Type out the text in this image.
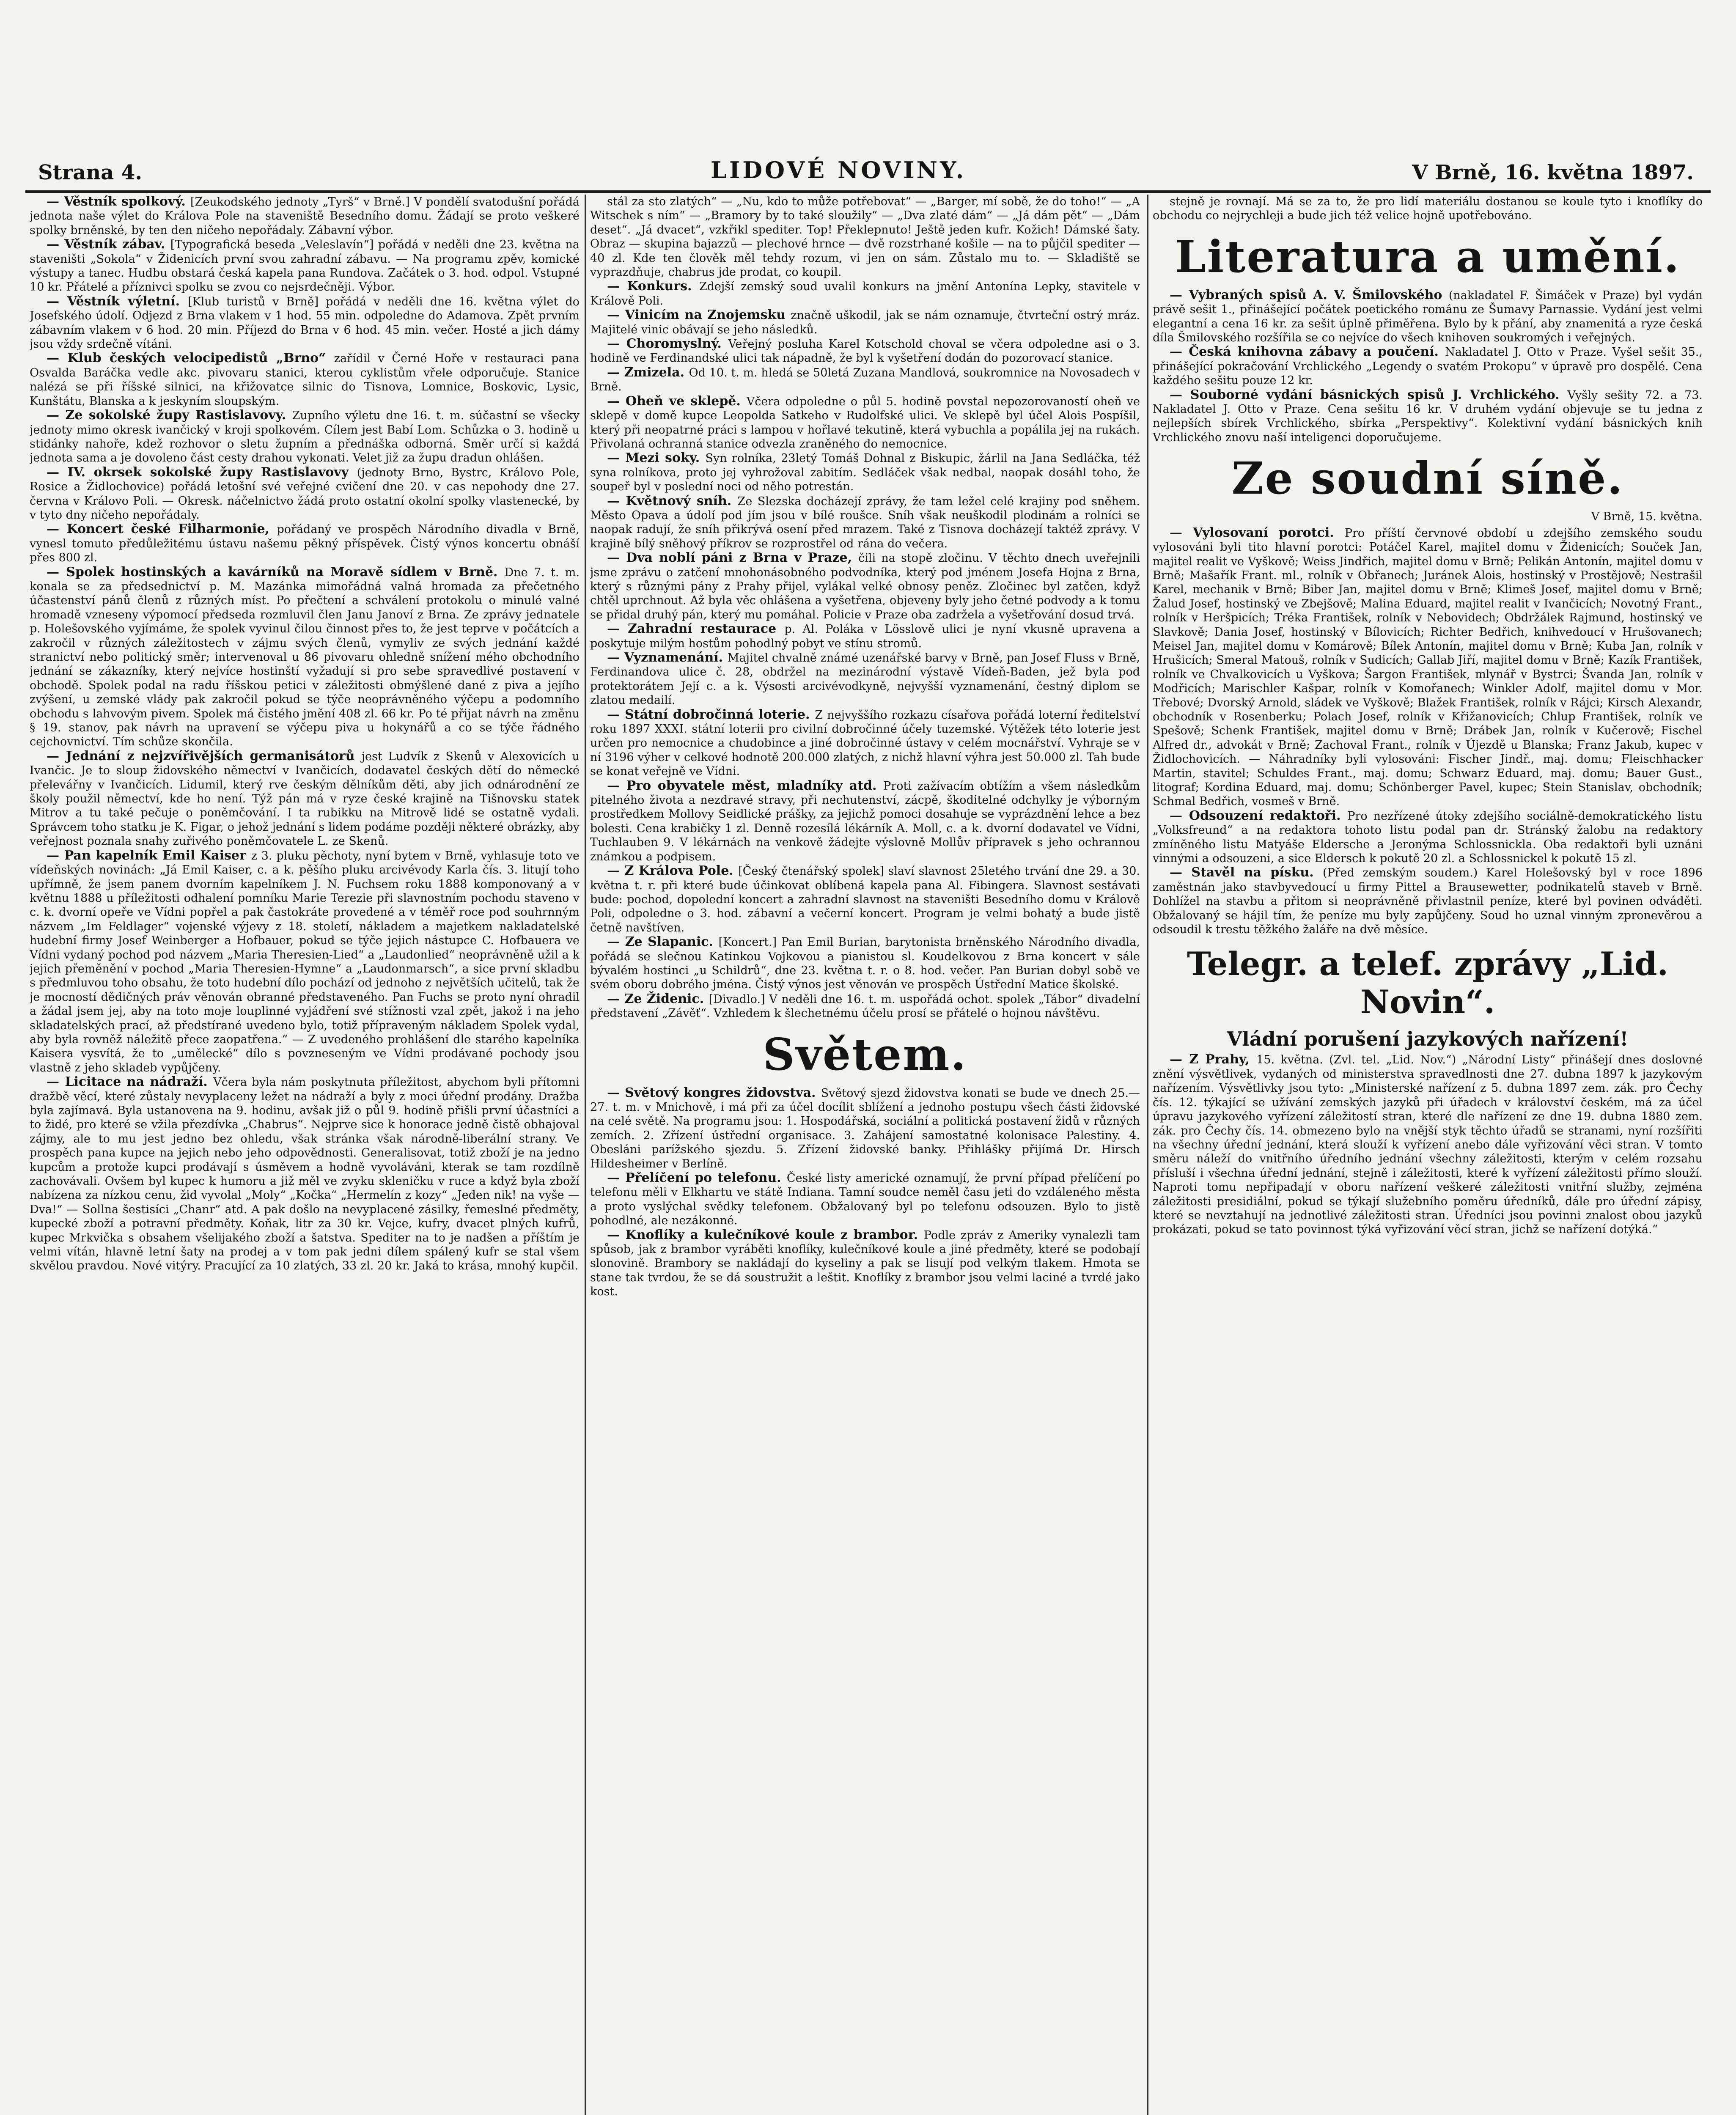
Strana 4.	LIDOVÉ NOVINY.	V Brně, 16. května 1897.

— Věstník spolkový. [Zeukodského jednoty „Tyrš“ v Brně.] V pondělí svatodušní pořádá jednota naše výlet do Králova Pole na staveniště Besedního domu. Žádají se proto veškeré spolky brněnské, by ten den ničeho nepořádaly. Zábavní výbor.

— Věstník zábav. [Typografická beseda „Veleslavín“] pořádá v neděli dne 23. května na staveništi „Sokola“ v Židenicích první svou zahradní zábavu. — Na programu zpěv, komické výstupy a tanec. Hudbu obstará česká kapela pana Rundova. Začátek o 3. hod. odpol. Vstupné 10 kr. Přátelé a příznivci spolku se zvou co nejsrdečněji. Výbor.

— Věstník výletní. [Klub turistů v Brně] pořádá v neděli dne 16. května výlet do Josefského údolí. Odjezd z Brna vlakem v 1 hod. 55 min. odpoledne do Adamova. Zpět prvním zábavním vlakem v 6 hod. 20 min. Příjezd do Brna v 6 hod. 45 min. večer. Hosté a jich dámy jsou vždy srdečně vítáni.

— Klub českých velocipedistů „Brno“ zařídil v Černé Hoře v restauraci pana Osvalda Baráčka vedle akc. pivovaru stanici, kterou cyklistům vřele odporučuje. Stanice nalézá se při říšské silnici, na křižovatce silnic do Tisnova, Lomnice, Boskovic, Lysic, Kunštátu, Blanska a k jeskyním sloupským.

— Ze sokolské župy Rastislavovy. Zupního výletu dne 16. t. m. súčastní se všecky jednoty mimo okresk ivančický v kroji spolkovém. Cílem jest Babí Lom. Schůzka o 3. hodině u stidánky nahoře, kdež rozhovor o sletu župním a přednáška odborná. Směr určí si každá jednota sama a je dovoleno část cesty drahou vykonati. Velet již za župu dradun ohlášen.

— IV. okrsek sokolské župy Rastislavovy (jednoty Brno, Bystrc, Královo Pole, Rosice a Židlochovice) pořádá letošní své veřejné cvičení dne 20. v cas nepohody dne 27. června v Královo Poli. — Okresk. náčelnictvo žádá proto ostatní okolní spolky vlastenecké, by v tyto dny ničeho nepořádaly.

— Koncert české Filharmonie, pořádaný ve prospěch Národního divadla v Brně, vynesl tomuto předůležitému ústavu našemu pěkný příspěvek. Čistý výnos koncertu obnáší přes 800 zl.

— Spolek hostinských a kavárníků na Moravě sídlem v Brně. Dne 7. t. m. konala se za předsednictví p. M. Mazánka mimořádná valná hromada za přečetného účastenství pánů členů z různých míst. Po přečtení a schválení protokolu o minulé valné hromadě vzneseny výpomocí předseda rozmluvil člen Janu Janoví z Brna. Ze zprávy jednatele p. Holešovského vyjímáme, že spolek vyvinul čilou činnost přes to, že jest teprve v počátcích a zakročil v různých záležitostech v zájmu svých členů, vymyliv ze svých jednání každé stranictví nebo politický směr; intervenoval u 86 pivovaru ohledně snížení mého obchodního jednání se zákazníky, který nejvíce hostinští vyžadují si pro sebe spravedlivé postavení v obchodě. Spolek podal na radu říšskou petici v záležitosti obmýšlené dané z piva a jejího zvýšení, u zemské vlády pak zakročil pokud se týče neoprávněného výčepu a podomního obchodu s lahvovým pivem. Spolek má čistého jmění 408 zl. 66 kr. Po té přijat návrh na změnu § 19. stanov, pak návrh na upravení se výčepu piva u hokynářů a co se týče řádného cejchovnictví. Tím schůze skončila.

— Jednání z nejzvířivějších germanisátorů jest Ludvík z Skenů v Alexovicích u Ivančic. Je to sloup židovského němectví v Ivančicích, dodavatel českých dětí do německé přelevářny v Ivančicích. Lidumil, který rve českým dělníkům děti, aby jich odnárodnění ze školy použil němectví, kde ho není. Týž pán má v ryze české krajině na Tišnovsku statek Mitrov a tu také pečuje o poněmčování. I ta rubikku na Mitrově lidé se ostatně vydali. Správcem toho statku je K. Figar, o jehož jednání s lidem podáme později některé obrázky, aby veřejnost poznala snahy zuřivého poněmčovatele L. ze Skenů.

— Pan kapelník Emil Kaiser z 3. pluku pěchoty, nyní bytem v Brně, vyhlasuje toto ve vídeňských novinách: „Já Emil Kaiser, c. a k. pěšího pluku arcivévody Karla čís. 3. litují toho upřímně, že jsem panem dvorním kapelníkem J. N. Fuchsem roku 1888 komponovaný a v květnu 1888 u příležitosti odhalení pomníku Marie Terezie při slavnostním pochodu staveno v c. k. dvorní opeře ve Vídni popřel a pak častokráte provedené a v téměř roce pod souhrnným názvem „Im Feldlager“ vojenské výjevy z 18. století, nákladem a majetkem nakladatelské hudební firmy Josef Weinberger a Hofbauer, pokud se týče jejich nástupce C. Hofbauera ve Vídni vydaný pochod pod názvem „Maria Theresien-Lied“ a „Laudonlied“ neoprávněně užil a k jejich přeměnění v pochod „Maria Theresien-Hymne“ a „Laudonmarsch“, a sice první skladbu s předmluvou toho obsahu, že toto hudební dílo pochází od jednoho z největších učitelů, tak že je mocností dědičných práv věnován obranné představeného. Pan Fuchs se proto nyní ohradil a žádal jsem jej, aby na toto moje louplinné vyjádření své stížnosti vzal zpět, jakož i na jeho skladatelských prací, až předstírané uvedeno bylo, totiž přípraveným nákladem Spolek vydal, aby byla rovněž náležitě přece zaopatřena.“ — Z uvedeného prohlášení dle starého kapelníka Kaisera vysvítá, že to „umělecké“ dílo s povzneseným ve Vídni prodávané pochody jsou vlastně z jeho skladeb vypůjčeny.

— Licitace na nádraží. Včera byla nám poskytnuta příležitost, abychom byli přítomni dražbě věcí, které zůstaly nevyplaceny ležet na nádraží a byly z moci úřední prodány. Dražba byla zajímavá. Byla ustanovena na 9. hodinu, avšak již o půl 9. hodině přišli první účastníci a to židé, pro které se vžila přezdívka „Chabrus“. Nejprve sice k honorace jedně čistě obhajoval zájmy, ale to mu jest jedno bez ohledu, však stránka však národně-liberální strany. Ve prospěch pana kupce na jejich nebo jeho odpovědnosti. Generalisovat, totiž zboží je na jedno kupcům a protože kupci prodávají s úsměvem a hodně vyvoláváni, kterak se tam rozdílně zachovávali. Ovšem byl kupec k humoru a již měl ve zvyku skleničku v ruce a když byla zboží nabízena za nízkou cenu, žid vyvolal „Moly“ „Kočka“ „Hermelín z kozy“ „Jeden nik! na vyše — Dva!“ — Sollna šestisíci „Chanr“ atd. A pak došlo na nevyplacené zásilky, řemeslné předměty, kupecké zboží a potravní předměty. Koňak, litr za 30 kr. Vejce, kufry, dvacet plných kufrů, kupec Mrkvička s obsahem všelijakého zboží a šatstva. Spediter na to je nadšen a příštím je velmi vítán, hlavně letní šaty na prodej a v tom pak jedni dílem spálený kufr se stal všem skvělou pravdou. Nové vitýry. Pracující za 10 zlatých, 33 zl. 20 kr. Jaká to krása, mnohý kupčil.

stál za sto zlatých“ — „Nu, kdo to může potřebovat“ — „Barger, mí sobě, že do toho!“ — „A Witschek s ním“ — „Bramory by to také sloužily“ — „Dva zlaté dám“ — „Já dám pět“ — „Dám deset“. „Já dvacet“, vzkřikl spediter. Top! Překlepnuto! Ještě jeden kufr. Kožich! Dámské šaty. Obraz — skupina bajazzů — plechové hrnce — dvě rozstrhané košile — na to půjčil spediter — 40 zl. Kde ten člověk měl tehdy rozum, vi jen on sám. Zůstalo mu to. — Skladiště se vyprazdňuje, chabrus jde prodat, co koupil.

— Konkurs. Zdejší zemský soud uvalil konkurs na jmění Antonína Lepky, stavitele v Králově Poli.

— Vinicím na Znojemsku značně uškodil, jak se nám oznamuje, čtvrteční ostrý mráz. Majitelé vinic obávají se jeho následků.

— Choromyslný. Veřejný posluha Karel Kotschold choval se včera odpoledne asi o 3. hodině ve Ferdinandské ulici tak nápadně, že byl k vyšetření dodán do pozorovací stanice.

— Zmizela. Od 10. t. m. hledá se 50letá Zuzana Mandlová, soukromnice na Novosadech v Brně.

— Oheň ve sklepě. Včera odpoledne o půl 5. hodině povstal nepozorovaností oheň ve sklepě v domě kupce Leopolda Satkeho v Rudolfské ulici. Ve sklepě byl účel Alois Pospíšil, který při neopatrné práci s lampou v hořlavé tekutině, která vybuchla a popálila jej na rukách. Přivolaná ochranná stanice odvezla zraněného do nemocnice.

— Mezi soky. Syn rolníka, 23letý Tomáš Dohnal z Biskupic, žárlil na Jana Sedláčka, též syna rolníkova, proto jej vyhrožoval zabitím. Sedláček však nedbal, naopak dosáhl toho, že soupeř byl v poslední noci od něho potrestán.

— Květnový sníh. Ze Slezska docházejí zprávy, že tam ležel celé krajiny pod sněhem. Město Opava a údolí pod jím jsou v bílé roušce. Sníh však neuškodil plodinám a rolníci se naopak radují, že sníh přikrývá osení před mrazem. Také z Tisnova docházejí taktéž zprávy. V krajině bílý sněhový příkrov se rozprostřel od rána do večera.

— Dva noblí páni z Brna v Praze, čili na stopě zločinu. V těchto dnech uveřejnili jsme zprávu o zatčení mnohonásobného podvodníka, který pod jménem Josefa Hojna z Brna, který s různými pány z Prahy přijel, vylákal velké obnosy peněz. Zločinec byl zatčen, když chtěl uprchnout. Až byla věc ohlášena a vyšetřena, objeveny byly jeho četné podvody a k tomu se přidal druhý pán, který mu pomáhal. Policie v Praze oba zadržela a vyšetřování dosud trvá.

— Zahradní restaurace p. Al. Poláka v Lösslově ulici je nyní vkusně upravena a poskytuje milým hostům pohodlný pobyt ve stínu stromů.

— Vyznamenání. Majitel chvalně známé uzenářské barvy v Brně, pan Josef Fluss v Brně, Ferdinandova ulice č. 28, obdržel na mezinárodní výstavě Vídeň-Baden, jež byla pod protektorátem Její c. a k. Výsosti arcivévodkyně, nejvyšší vyznamenání, čestný diplom se zlatou medailí.

— Státní dobročinná loterie. Z nejvyššího rozkazu císařova pořádá loterní ředitelství roku 1897 XXXI. státní loterii pro civilní dobročinné účely tuzemské. Výtěžek této loterie jest určen pro nemocnice a chudobince a jiné dobročinné ústavy v celém mocnářství. Vyhraje se v ní 3196 výher v celkové hodnotě 200.000 zlatých, z nichž hlavní výhra jest 50.000 zl. Tah bude se konat veřejně ve Vídni.

— Pro obyvatele měst, mladníky atd. Proti zažívacím obtížím a všem následkům pitelného života a nezdravé stravy, při nechutenství, zácpě, škoditelné odchylky je výborným prostředkem Mollovy Seidlické prášky, za jejichž pomoci dosahuje se vyprázdnění lehce a bez bolesti. Cena krabičky 1 zl. Denně rozesílá lékárník A. Moll, c. a k. dvorní dodavatel ve Vídni, Tuchlauben 9. V lékárnách na venkově žádejte výslovně Mollův přípravek s jeho ochrannou známkou a podpisem.

— Z Králova Pole. [Český čtenářský spolek] slaví slavnost 25letého trvání dne 29. a 30. května t. r. při které bude účinkovat oblíbená kapela pana Al. Fibingera. Slavnost sestávati bude: pochod, dopolední koncert a zahradní slavnost na staveništi Besedního domu v Králově Poli, odpoledne o 3. hod. zábavní a večerní koncert. Program je velmi bohatý a bude jistě četně navštíven.

— Ze Slapanic. [Koncert.] Pan Emil Burian, barytonista brněnského Národního divadla, pořádá se slečnou Katinkou Vojkovou a pianistou sl. Koudelkovou z Brna koncert v sále bývalém hostinci „u Schildrů“, dne 23. května t. r. o 8. hod. večer. Pan Burian dobyl sobě ve svém oboru dobrého jména. Čistý výnos jest věnován ve prospěch Ústřední Matice školské.

— Ze Židenic. [Divadlo.] V neděli dne 16. t. m. uspořádá ochot. spolek „Tábor“ divadelní představení „Závěť“. Vzhledem k šlechetnému účelu prosí se přátelé o hojnou návštěvu.

Světem.

— Světový kongres židovstva. Světový sjezd židovstva konati se bude ve dnech 25.—27. t. m. v Mnichově, i má při za účel docílit sblížení a jednoho postupu všech části židovské na celé světě. Na programu jsou: 1. Hospodářská, sociální a politická postavení židů v různých zemích. 2. Zřízení ústřední organisace. 3. Zahájení samostatné kolonisace Palestiny. 4. Obesláni parížského sjezdu. 5. Zřízení židovské banky. Přihlášky přijímá Dr. Hirsch Hildesheimer v Berlíně.

— Přelíčení po telefonu. České listy americké oznamují, že první případ přelíčení po telefonu měli v Elkhartu ve státě Indiana. Tamní soudce neměl času jeti do vzdáleného města a proto vyslýchal svědky telefonem. Obžalovaný byl po telefonu odsouzen. Bylo to jistě pohodlné, ale nezákonné.

— Knoflíky a kulečníkové koule z brambor. Podle zpráv z Ameriky vynalezli tam spůsob, jak z brambor vyráběti knoflíky, kulečníkové koule a jiné předměty, které se podobají slonovině. Brambory se nakládají do kyseliny a pak se lisují pod velkým tlakem. Hmota se stane tak tvrdou, že se dá soustružit a leštit. Knoflíky z brambor jsou velmi laciné a tvrdé jako kost.

stejně je rovnají. Má se za to, že pro lidí materiálu dostanou se koule tyto i knoflíky do obchodu co nejrychleji a bude jich též velice hojně upotřebováno.

Literatura a umění.

— Vybraných spisů A. V. Šmilovského (nakladatel F. Šimáček v Praze) byl vydán právě sešit 1., přinášející počátek poetického románu ze Šumavy Parnassie. Vydání jest velmi elegantní a cena 16 kr. za sešit úplně přiměřena. Bylo by k přání, aby znamenitá a ryze česká díla Šmilovského rozšířila se co nejvíce do všech knihoven soukromých i veřejných.

— Česká knihovna zábavy a poučení. Nakladatel J. Otto v Praze. Vyšel sešit 35., přinášející pokračování Vrchlického „Legendy o svatém Prokopu“ v úpravě pro dospělé. Cena každého sešitu pouze 12 kr.

— Souborné vydání básnických spisů J. Vrchlického. Vyšly sešity 72. a 73. Nakladatel J. Otto v Praze. Cena sešitu 16 kr. V druhém vydání objevuje se tu jedna z nejlepších sbírek Vrchlického, sbírka „Perspektivy“. Kolektivní vydání básnických knih Vrchlického znovu naší inteligenci doporučujeme.

Ze soudní síně.
V Brně, 15. května.

— Vylosovaní porotci. Pro příští červnové období u zdejšího zemského soudu vylosováni byli tito hlavní porotci: Potáčel Karel, majitel domu v Židenicích; Souček Jan, majitel realit ve Vyškově; Weiss Jindřich, majitel domu v Brně; Pelikán Antonín, majitel domu v Brně; Mašařík Frant. ml., rolník v Obřanech; Juránek Alois, hostinský v Prostějově; Nestrašil Karel, mechanik v Brně; Biber Jan, majitel domu v Brně; Klimeš Josef, majitel domu v Brně; Žalud Josef, hostinský ve Zbejšově; Malina Eduard, majitel realit v Ivančicích; Novotný Frant., rolník v Heršpicích; Tréka František, rolník v Nebovidech; Obdržálek Rajmund, hostinský ve Slavkově; Dania Josef, hostinský v Bílovicích; Richter Bedřich, knihvedoucí v Hrušovanech; Meisel Jan, majitel domu v Komárově; Bílek Antonín, majitel domu v Brně; Kuba Jan, rolník v Hrušicích; Smeral Matouš, rolník v Sudicích; Gallab Jiří, majitel domu v Brně; Kazík František, rolník ve Chvalkovicích u Vyškova; Šargon František, mlynář v Bystrci; Švanda Jan, rolník v Modřicích; Marischler Kašpar, rolník v Komořanech; Winkler Adolf, majitel domu v Mor. Třebové; Dvorský Arnold, sládek ve Vyškově; Blažek František, rolník v Rájci; Kirsch Alexandr, obchodník v Rosenberku; Polach Josef, rolník v Křižanovicích; Chlup František, rolník ve Spešově; Schenk František, majitel domu v Brně; Drábek Jan, rolník v Kučerově; Fischel Alfred dr., advokát v Brně; Zachoval Frant., rolník v Újezdě u Blanska; Franz Jakub, kupec v Židlochovicích. — Náhradníky byli vylosováni: Fischer Jindř., maj. domu; Fleischhacker Martin, stavitel; Schuldes Frant., maj. domu; Schwarz Eduard, maj. domu; Bauer Gust., litograf; Kordina Eduard, maj. domu; Schönberger Pavel, kupec; Stein Stanislav, obchodník; Schmal Bedřich, vosmeš v Brně.

— Odsouzení redaktoři. Pro nezřízené útoky zdejšího sociálně-demokratického listu „Volksfreund“ a na redaktora tohoto listu podal pan dr. Stránský žalobu na redaktory zmíněného listu Matyáše Eldersche a Jeronýma Schlossnickla. Oba redaktoři byli uznáni vinnými a odsouzeni, a sice Eldersch k pokutě 20 zl. a Schlossnickel k pokutě 15 zl.

— Stavěl na písku. (Před zemským soudem.) Karel Holešovský byl v roce 1896 zaměstnán jako stavbyvedoucí u firmy Pittel a Brausewetter, podnikatelů staveb v Brně. Dohlížel na stavbu a přitom si neoprávněně přivlastnil peníze, které byl povinen odváděti. Obžalovaný se hájil tím, že peníze mu byly zapůjčeny. Soud ho uznal vinným zpronevěrou a odsoudil k trestu těžkého žaláře na dvě měsíce.

Telegr. a telef. zprávy „Lid. Novin“.
Vládní porušení jazykových nařízení!

— Z Prahy, 15. května. (Zvl. tel. „Lid. Nov.“) „Národní Listy“ přinášejí dnes doslovné znění výsvětlivek, vydaných od ministerstva spravedlnosti dne 27. dubna 1897 k jazykovým nařízením. Výsvětlivky jsou tyto: „Ministerské nařízení z 5. dubna 1897 zem. zák. pro Čechy čís. 12. týkající se užívání zemských jazyků při úřadech v království českém, má za účel úpravu jazykového vyřízení záležitostí stran, které dle nařízení ze dne 19. dubna 1880 zem. zák. pro Čechy čís. 14. obmezeno bylo na vnější styk těchto úřadů se stranami, nyní rozšířiti na všechny úřední jednání, která slouží k vyřízení anebo dále vyřizování věci stran. V tomto směru náleží do vnitřního úředního jednání všechny záležitosti, kterým v celém rozsahu přísluší i všechna úřední jednání, stejně i záležitosti, které k vyřízení záležitosti přímo slouží. Naproti tomu nepřipadají v oboru nařízení veškeré záležitosti vnitřní služby, zejména záležitosti presidiální, pokud se týkají služebního poměru úředníků, dále pro úřední zápisy, které se nevztahují na jednotlivé záležitosti stran. Úředníci jsou povinni znalost obou jazyků prokázati, pokud se tato povinnost týká vyřizování věcí stran, jichž se nařízení dotýká.“
